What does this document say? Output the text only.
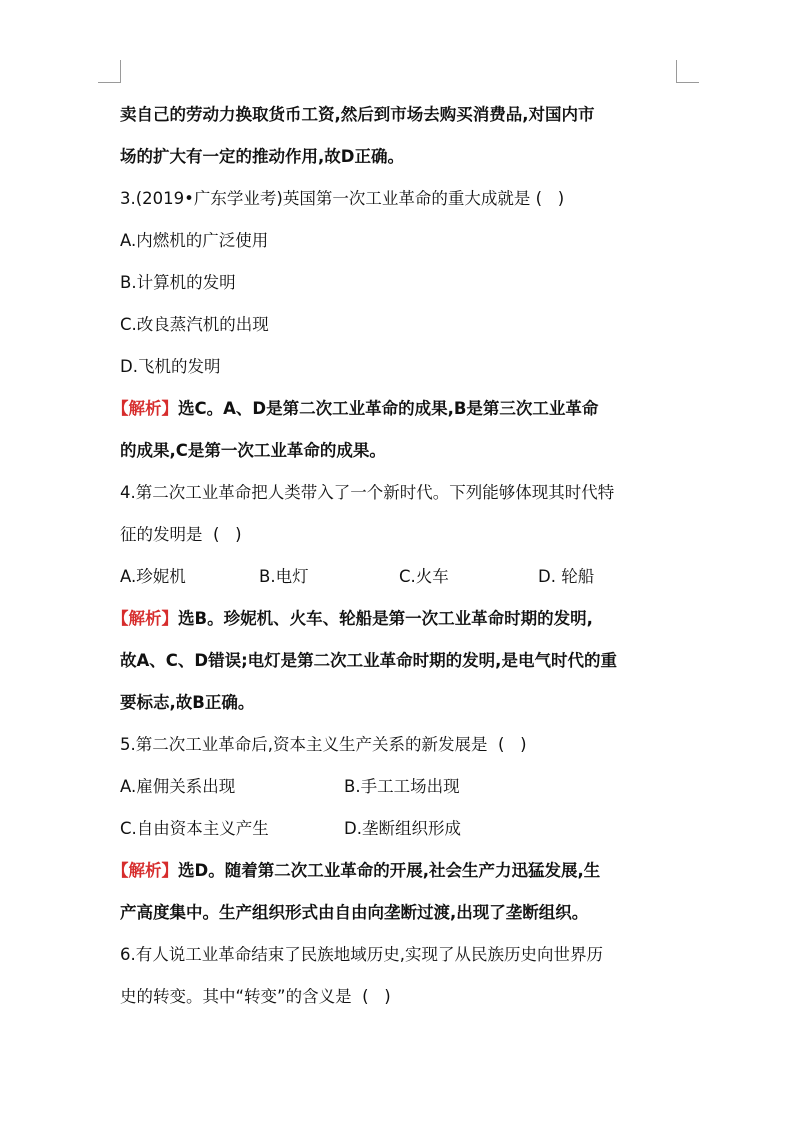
卖自己的劳动力换取货币工资,然后到市场去购买消费品,对国内市
场的扩大有一定的推动作用,故D正确。
3.(2019•广东学业考)英国第一次工业革命的重大成就是 (   )
A.内燃机的广泛使用
B.计算机的发明
C.改良蒸汽机的出现
D.飞机的发明
【解析】选C。A、D是第二次工业革命的成果,B是第三次工业革命
的成果,C是第一次工业革命的成果。
4.第二次工业革命把人类带入了一个新时代。下列能够体现其时代特
征的发明是  (   )
A.珍妮机	B.电灯	C.火车	D. 轮船
【解析】选B。珍妮机、火车、轮船是第一次工业革命时期的发明,
故A、C、D错误;电灯是第二次工业革命时期的发明,是电气时代的重
要标志,故B正确。
5.第二次工业革命后,资本主义生产关系的新发展是  (   )
A.雇佣关系出现	B.手工工场出现
C.自由资本主义产生	D.垄断组织形成
【解析】选D。随着第二次工业革命的开展,社会生产力迅猛发展,生
产高度集中。生产组织形式由自由向垄断过渡,出现了垄断组织。
6.有人说工业革命结束了民族地域历史,实现了从民族历史向世界历
史的转变。其中“转变”的含义是  (   )
